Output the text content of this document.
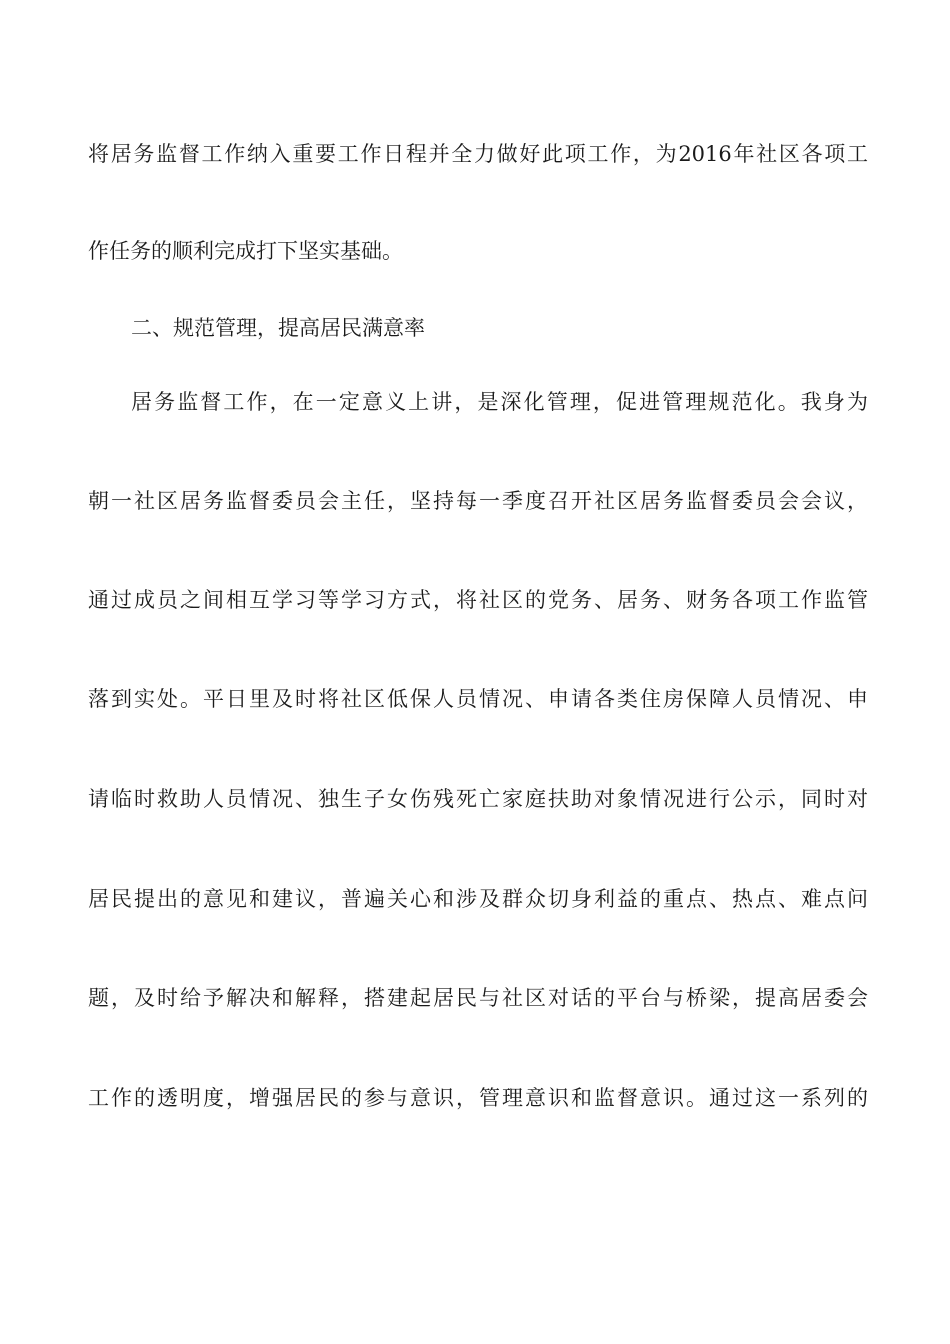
将居务监督工作纳入重要工作日程并全力做好此项工作，为2016年社区各项工
作任务的顺利完成打下坚实基础。
二、规范管理，提高居民满意率
居务监督工作，在一定意义上讲，是深化管理，促进管理规范化。我身为
朝一社区居务监督委员会主任，坚持每一季度召开社区居务监督委员会会议，
通过成员之间相互学习等学习方式，将社区的党务、居务、财务各项工作监管
落到实处。平日里及时将社区低保人员情况、申请各类住房保障人员情况、申
请临时救助人员情况、独生子女伤残死亡家庭扶助对象情况进行公示，同时对
居民提出的意见和建议，普遍关心和涉及群众切身利益的重点、热点、难点问
题，及时给予解决和解释，搭建起居民与社区对话的平台与桥梁，提高居委会
工作的透明度，增强居民的参与意识，管理意识和监督意识。通过这一系列的
